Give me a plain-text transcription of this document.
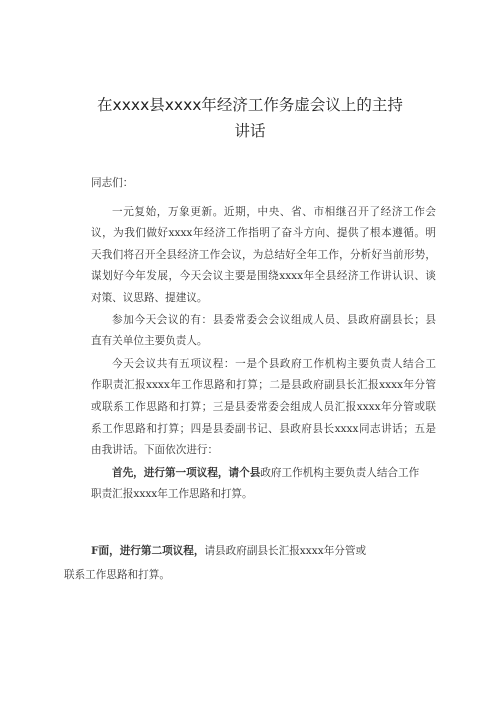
在xxxx县xxxx年经济工作务虚会议上的主持
讲话
同志们：
一元复始，万象更新。近期，中央、省、市相继召开了经济工作会
议，为我们做好xxxx年经济工作指明了奋斗方向、提供了根本遵循。明
天我们将召开全县经济工作会议，为总结好全年工作，分析好当前形势，
谋划好今年发展，今天会议主要是围绕xxxx年全县经济工作讲认识、谈
对策、议思路、提建议。
参加今天会议的有：县委常委会会议组成人员、县政府副县长；县
直有关单位主要负责人。
今天会议共有五项议程：一是个县政府工作机构主要负责人结合工
作职责汇报xxxx年工作思路和打算；二是县政府副县长汇报xxxx年分管
或联系工作思路和打算；三是县委常委会组成人员汇报xxxx年分管或联
系工作思路和打算；四是县委副书记、县政府县长xxxx同志讲话；五是
由我讲话。下面依次进行：
首先，进行第一项议程，请个县政府工作机构主要负责人结合工作
职责汇报xxxx年工作思路和打算。
F面，进行第二项议程，请县政府副县长汇报xxxx年分管或
联系工作思路和打算。
